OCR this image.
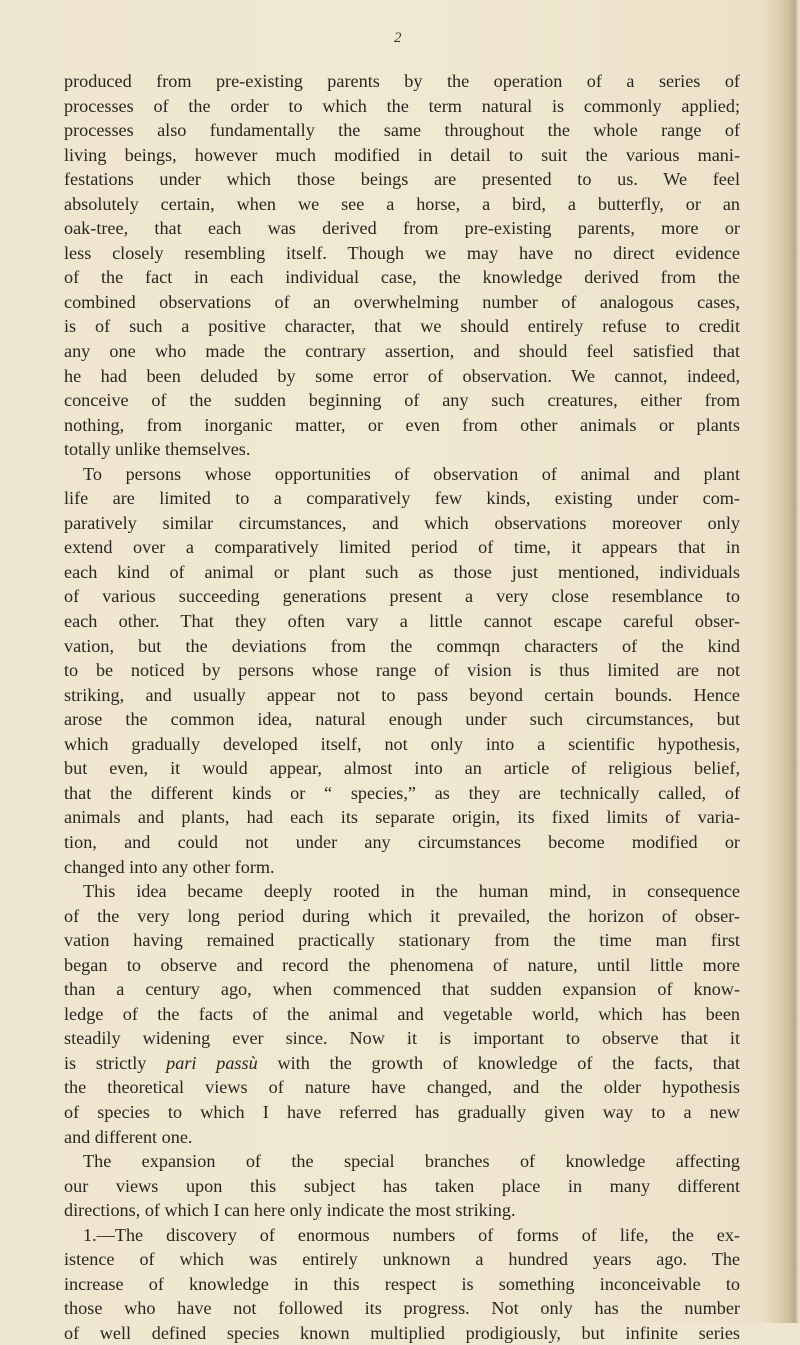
2
produced from pre-existing parents by the operation of a series of
processes of the order to which the term natural is commonly applied;
processes also fundamentally the same throughout the whole range of
living beings, however much modified in detail to suit the various mani-
festations under which those beings are presented to us. We feel
absolutely certain, when we see a horse, a bird, a butterfly, or an
oak-tree, that each was derived from pre-existing parents, more or
less closely resembling itself. Though we may have no direct evidence
of the fact in each individual case, the knowledge derived from the
combined observations of an overwhelming number of analogous cases,
is of such a positive character, that we should entirely refuse to credit
any one who made the contrary assertion, and should feel satisfied that
he had been deluded by some error of observation. We cannot, indeed,
conceive of the sudden beginning of any such creatures, either from
nothing, from inorganic matter, or even from other animals or plants
totally unlike themselves.
To persons whose opportunities of observation of animal and plant
life are limited to a comparatively few kinds, existing under com-
paratively similar circumstances, and which observations moreover only
extend over a comparatively limited period of time, it appears that in
each kind of animal or plant such as those just mentioned, individuals
of various succeeding generations present a very close resemblance to
each other. That they often vary a little cannot escape careful obser-
vation, but the deviations from the commqn characters of the kind
to be noticed by persons whose range of vision is thus limited are not
striking, and usually appear not to pass beyond certain bounds. Hence
arose the common idea, natural enough under such circumstances, but
which gradually developed itself, not only into a scientific hypothesis,
but even, it would appear, almost into an article of religious belief,
that the different kinds or “ species,” as they are technically called, of
animals and plants, had each its separate origin, its fixed limits of varia-
tion, and could not under any circumstances become modified or
changed into any other form.
This idea became deeply rooted in the human mind, in consequence
of the very long period during which it prevailed, the horizon of obser-
vation having remained practically stationary from the time man first
began to observe and record the phenomena of nature, until little more
than a century ago, when commenced that sudden expansion of know-
ledge of the facts of the animal and vegetable world, which has been
steadily widening ever since. Now it is important to observe that it
is strictly pari passù with the growth of knowledge of the facts, that
the theoretical views of nature have changed, and the older hypothesis
of species to which I have referred has gradually given way to a new
and different one.
The expansion of the special branches of knowledge affecting
our views upon this subject has taken place in many different
directions, of which I can here only indicate the most striking.
1.—The discovery of enormous numbers of forms of life, the ex-
istence of which was entirely unknown a hundred years ago. The
increase of knowledge in this respect is something inconceivable to
those who have not followed its progress. Not only has the number
of well defined species known multiplied prodigiously, but infinite series
